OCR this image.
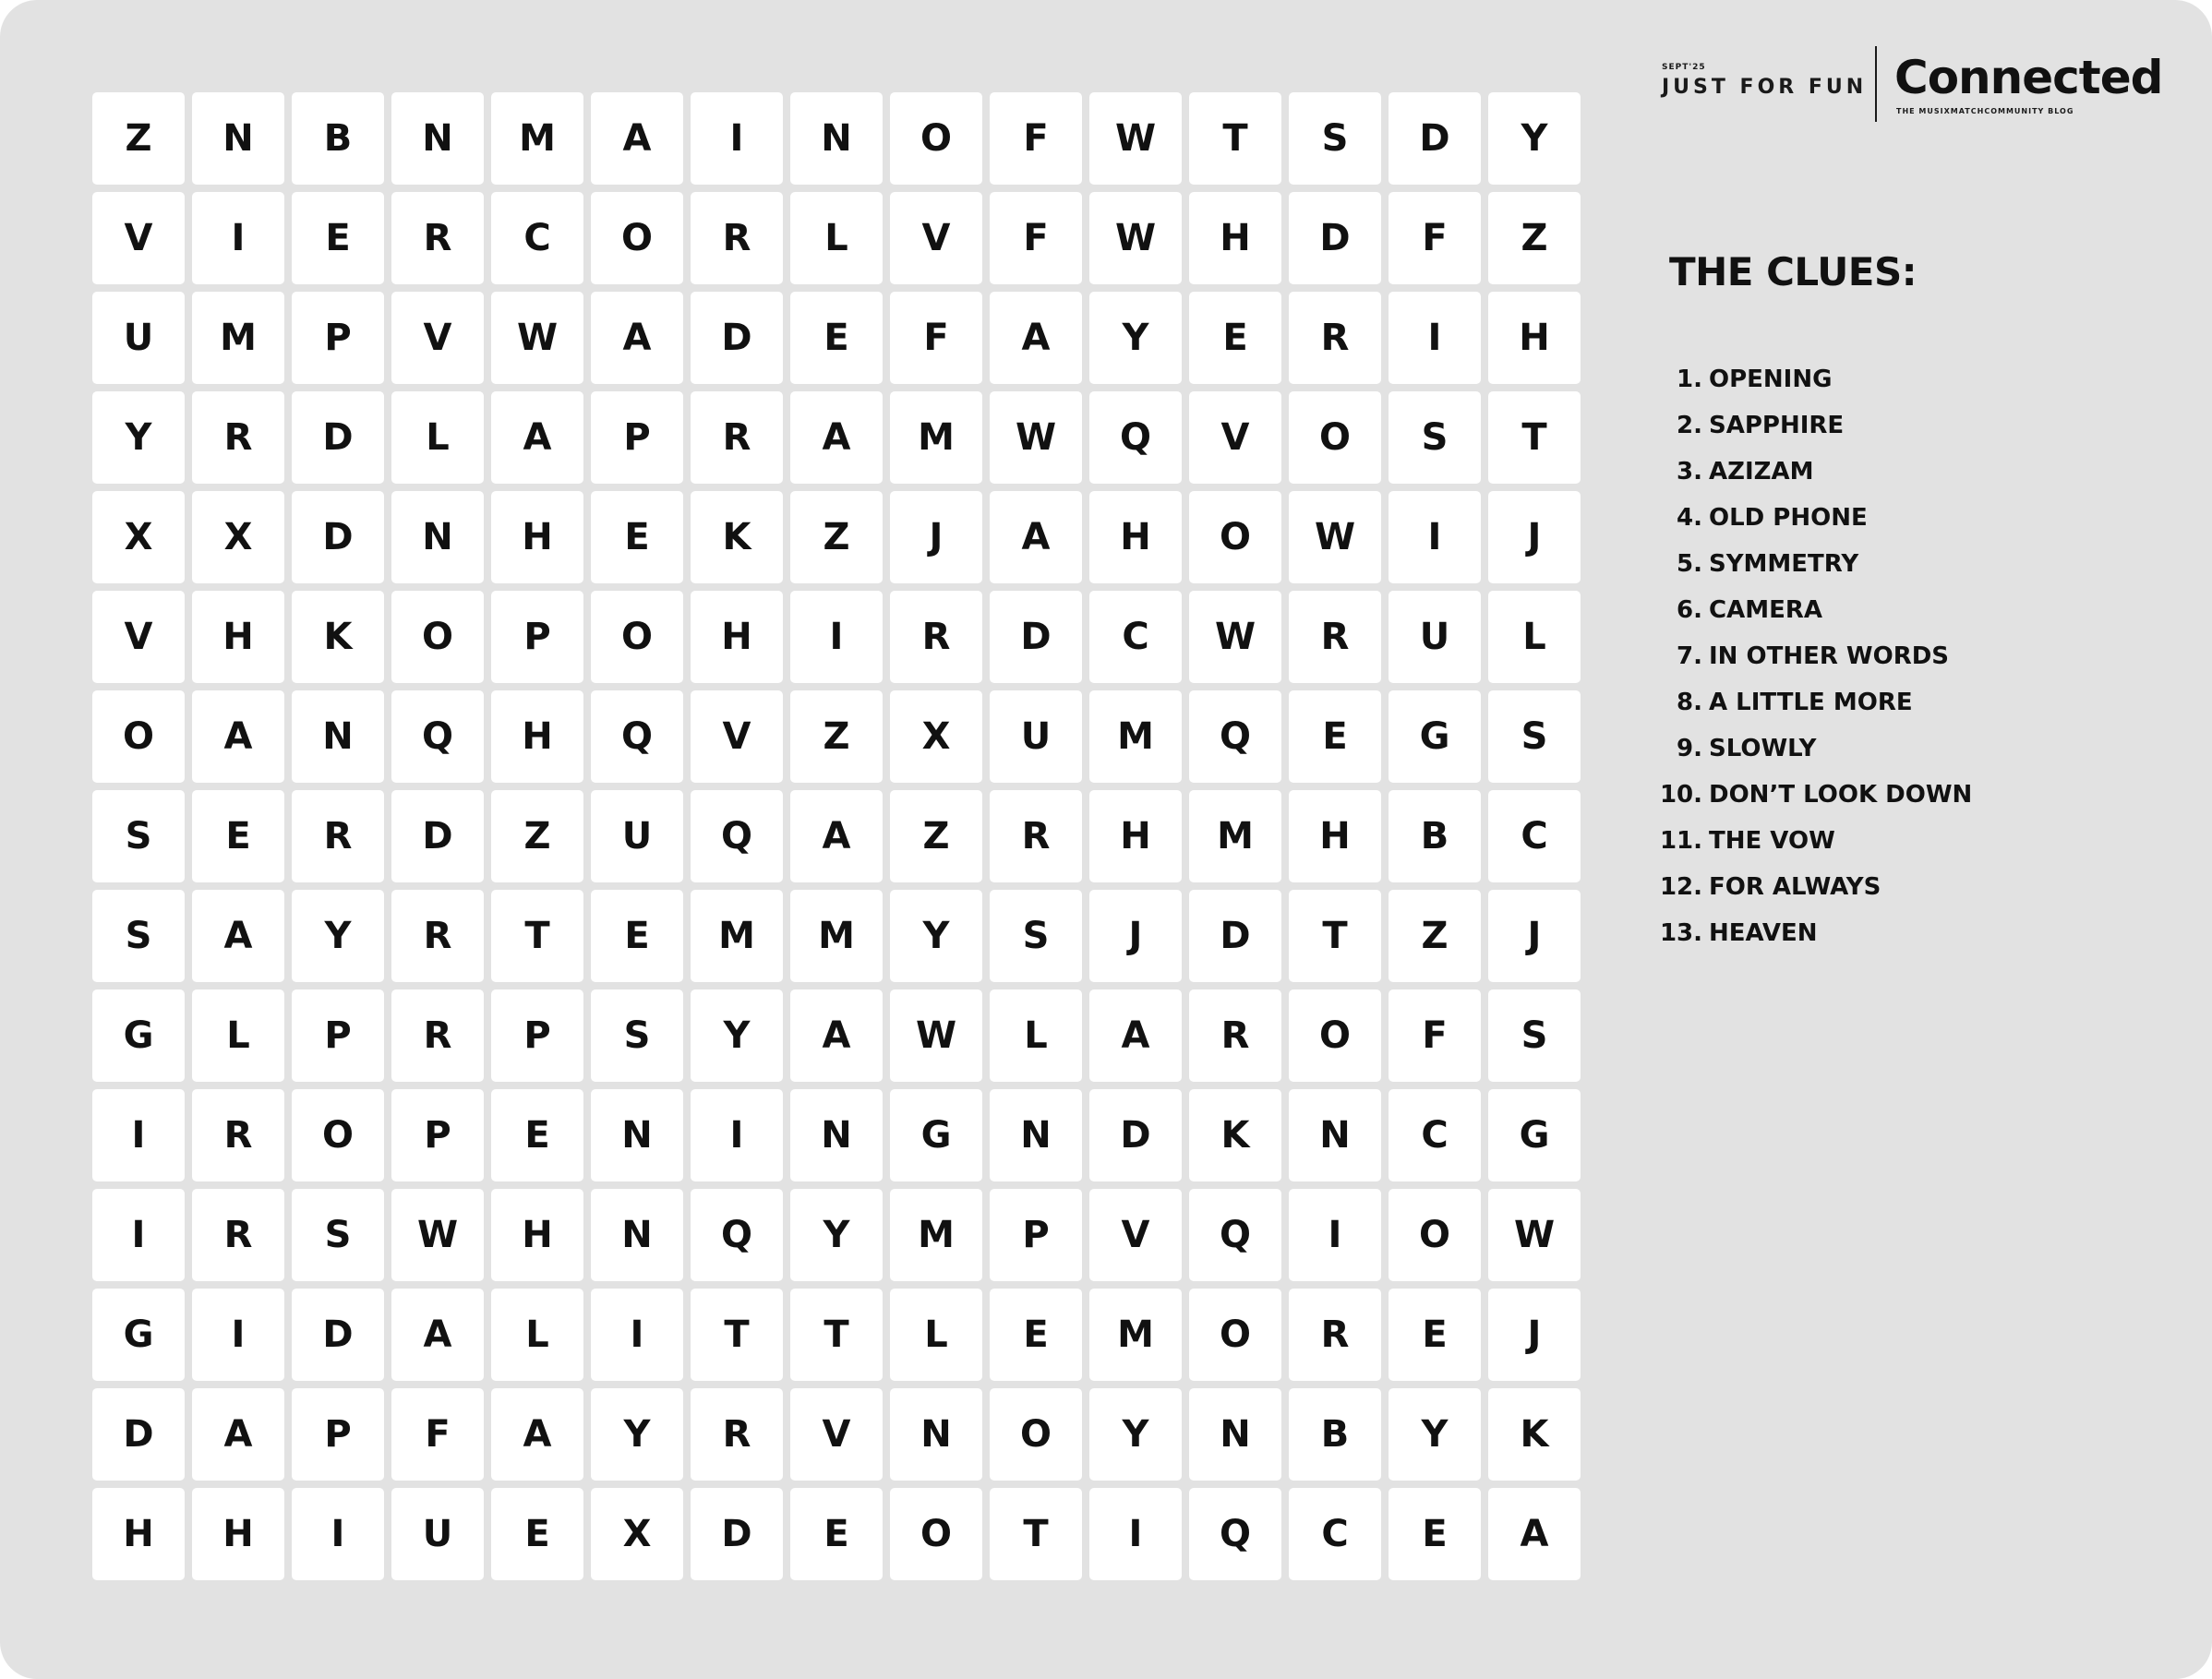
Z	N	B	N	M	A	I	N	O	F	W	T	S	D	Y
V	I	E	R	C	O	R	L	V	F	W	H	D	F	Z
U	M	P	V	W	A	D	E	F	A	Y	E	R	I	H
Y	R	D	L	A	P	R	A	M	W	Q	V	O	S	T
X	X	D	N	H	E	K	Z	J	A	H	O	W	I	J
V	H	K	O	P	O	H	I	R	D	C	W	R	U	L
O	A	N	Q	H	Q	V	Z	X	U	M	Q	E	G	S
S	E	R	D	Z	U	Q	A	Z	R	H	M	H	B	C
S	A	Y	R	T	E	M	M	Y	S	J	D	T	Z	J
G	L	P	R	P	S	Y	A	W	L	A	R	O	F	S
I	R	O	P	E	N	I	N	G	N	D	K	N	C	G
I	R	S	W	H	N	Q	Y	M	P	V	Q	I	O	W
G	I	D	A	L	I	T	T	L	E	M	O	R	E	J
D	A	P	F	A	Y	R	V	N	O	Y	N	B	Y	K
H	H	I	U	E	X	D	E	O	T	I	Q	C	E	A
SEPT'25
JUST FOR FUN Connected
THE MUSIXMATCHCOMMUNITY BLOG
THE CLUES:
1. OPENING
2. SAPPHIRE
3. AZIZAM
4. OLD PHONE
5. SYMMETRY
6. CAMERA
7. IN OTHER WORDS
8. A LITTLE MORE
9. SLOWLY
10. DON’T LOOK DOWN
11. THE VOW
12. FOR ALWAYS
13. HEAVEN
